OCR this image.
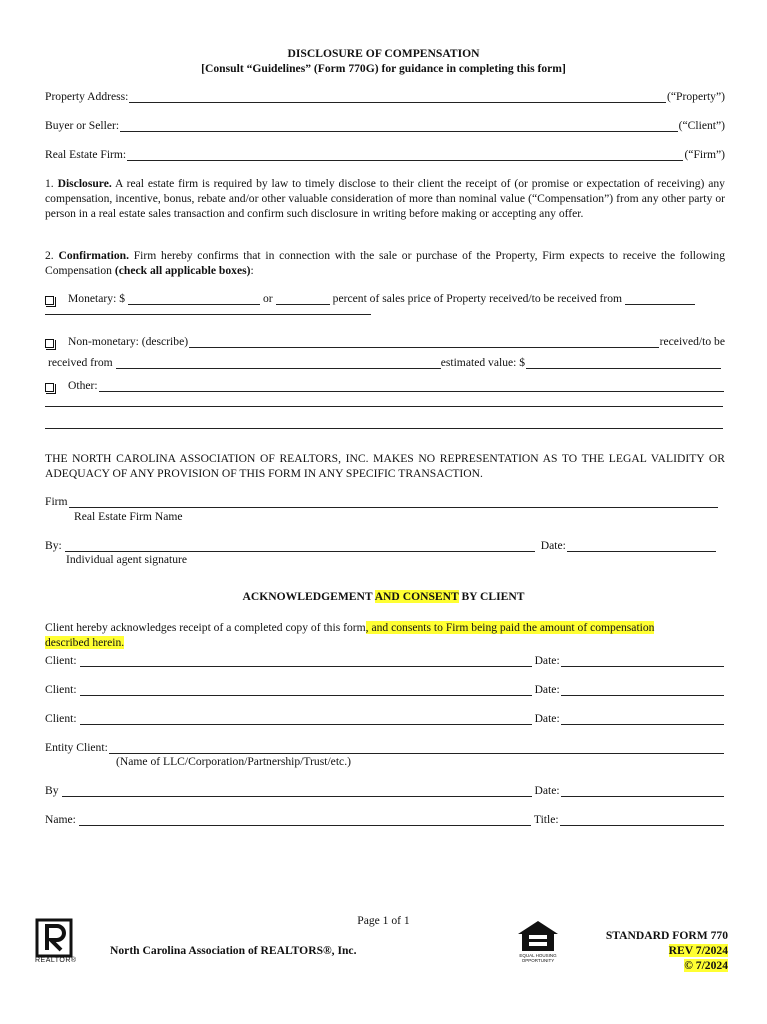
DISCLOSURE OF COMPENSATION
[Consult “Guidelines” (Form 770G) for guidance in completing this form]
Property Address:	(“Property”)
Buyer or Seller:	(“Client”)
Real Estate Firm:	(“Firm”)
1. Disclosure. A real estate firm is required by law to timely disclose to their client the receipt of (or promise or expectation of receiving) any compensation, incentive, bonus, rebate and/or other valuable consideration of more than nominal value (“Compensation”) from any other party or person in a real estate sales transaction and confirm such disclosure in writing before making or accepting any offer.
2. Confirmation. Firm hereby confirms that in connection with the sale or purchase of the Property, Firm expects to receive the following Compensation (check all applicable boxes):
Monetary: $	or	percent of sales price of Property received/to be received from
Non-monetary: (describe)	received/to be
received from	estimated value: $
Other:
THE NORTH CAROLINA ASSOCIATION OF REALTORS, INC. MAKES NO REPRESENTATION AS TO THE LEGAL VALIDITY OR ADEQUACY OF ANY PROVISION OF THIS FORM IN ANY SPECIFIC TRANSACTION.
Firm
Real Estate Firm Name
By:	Date:
Individual agent signature
ACKNOWLEDGEMENT AND CONSENT BY CLIENT
Client hereby acknowledges receipt of a completed copy of this form, and consents to Firm being paid the amount of compensation
described herein.
Client:	Date:
Client:	Date:
Client:	Date:
Entity Client:
(Name of LLC/Corporation/Partnership/Trust/etc.)
By	Date:
Name:	Title:
Page 1 of 1
REALTOR®
North Carolina Association of REALTORS®, Inc.	EQUAL HOUSING OPPORTUNITY
STANDARD FORM 770
REV 7/2024
© 7/2024
